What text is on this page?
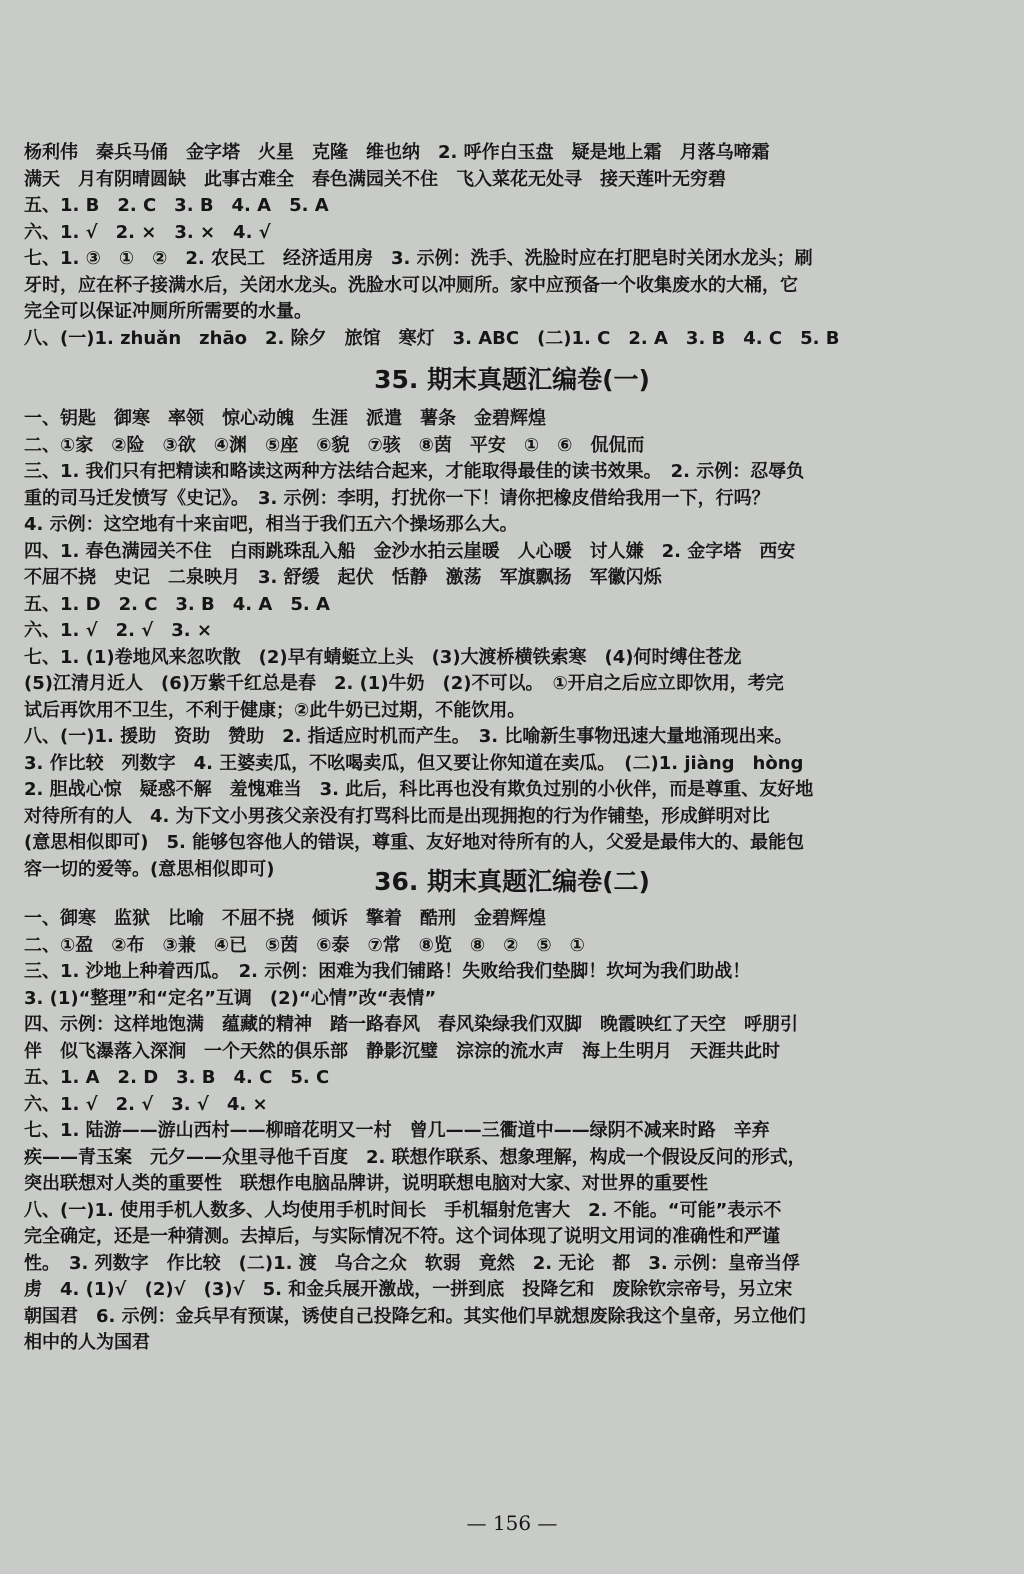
杨利伟　秦兵马俑　金字塔　火星　克隆　维也纳　2. 呼作白玉盘　疑是地上霜　月落乌啼霜
满天　月有阴晴圆缺　此事古难全　春色满园关不住　飞入菜花无处寻　接天莲叶无穷碧
五、1. B　2. C　3. B　4. A　5. A
六、1. √　2. ×　3. ×　4. √
七、1. ③　①　②　2. 农民工　经济适用房　3. 示例：洗手、洗脸时应在打肥皂时关闭水龙头；刷
牙时，应在杯子接满水后，关闭水龙头。洗脸水可以冲厕所。家中应预备一个收集废水的大桶，它
完全可以保证冲厕所所需要的水量。
八、(一)1. zhuǎn　zhāo　2. 除夕　旅馆　寒灯　3. ABC　(二)1. C　2. A　3. B　4. C　5. B
35. 期末真题汇编卷(一)
一、钥匙　御寒　率领　惊心动魄　生涯　派遣　薯条　金碧辉煌
二、①家　②险　③欲　④渊　⑤座　⑥貌　⑦骇　⑧茵　平安　①　⑥　侃侃而
三、1. 我们只有把精读和略读这两种方法结合起来，才能取得最佳的读书效果。　2. 示例：忍辱负
重的司马迁发愤写《史记》。　3. 示例：李明，打扰你一下！请你把橡皮借给我用一下，行吗？
4. 示例：这空地有十来亩吧，相当于我们五六个操场那么大。
四、1. 春色满园关不住　白雨跳珠乱入船　金沙水拍云崖暖　人心暖　讨人嫌　2. 金字塔　西安
不屈不挠　史记　二泉映月　3. 舒缓　起伏　恬静　激荡　军旗飘扬　军徽闪烁
五、1. D　2. C　3. B　4. A　5. A
六、1. √　2. √　3. ×
七、1. (1)卷地风来忽吹散　(2)早有蜻蜓立上头　(3)大渡桥横铁索寒　(4)何时缚住苍龙
(5)江清月近人　(6)万紫千红总是春　2. (1)牛奶　(2)不可以。　①开启之后应立即饮用，考完
试后再饮用不卫生，不利于健康；②此牛奶已过期，不能饮用。
八、(一)1. 援助　资助　赞助　2. 指适应时机而产生。　3. 比喻新生事物迅速大量地涌现出来。
3. 作比较　列数字　4. 王婆卖瓜，不吆喝卖瓜，但又要让你知道在卖瓜。　(二)1. jiàng　hòng
2. 胆战心惊　疑惑不解　羞愧难当　3. 此后，科比再也没有欺负过别的小伙伴，而是尊重、友好地
对待所有的人　4. 为下文小男孩父亲没有打骂科比而是出现拥抱的行为作铺垫，形成鲜明对比
(意思相似即可)　5. 能够包容他人的错误，尊重、友好地对待所有的人，父爱是最伟大的、最能包
容一切的爱等。(意思相似即可)	36. 期末真题汇编卷(二)
一、御寒　监狱　比喻　不屈不挠　倾诉　擎着　酷刑　金碧辉煌
二、①盈　②布　③兼　④已　⑤茵　⑥泰　⑦常　⑧览　⑧　②　⑤　①
三、1. 沙地上种着西瓜。　2. 示例：困难为我们铺路！失败给我们垫脚！坎坷为我们助战！
3. (1)“整理”和“定名”互调　(2)“心情”改“表情”
四、示例：这样地饱满　蕴藏的精神　踏一路春风　春风染绿我们双脚　晚霞映红了天空　呼朋引
伴　似飞瀑落入深涧　一个天然的俱乐部　静影沉璧　淙淙的流水声　海上生明月　天涯共此时
五、1. A　2. D　3. B　4. C　5. C
六、1. √　2. √　3. √　4. ×
七、1. 陆游——游山西村——柳暗花明又一村　曾几——三衢道中——绿阴不减来时路　辛弃
疾——青玉案　元夕——众里寻他千百度　2. 联想作联系、想象理解，构成一个假设反问的形式，
突出联想对人类的重要性　联想作电脑品牌讲，说明联想电脑对大家、对世界的重要性
八、(一)1. 使用手机人数多、人均使用手机时间长　手机辐射危害大　2. 不能。“可能”表示不
完全确定，还是一种猜测。去掉后，与实际情况不符。这个词体现了说明文用词的准确性和严谨
性。　3. 列数字　作比较　(二)1. 渡　乌合之众　软弱　竟然　2. 无论　都　3. 示例：皇帝当俘
虏　4. (1)√　(2)√　(3)√　5. 和金兵展开激战，一拼到底　投降乞和　废除钦宗帝号，另立宋
朝国君　6. 示例：金兵早有预谋，诱使自己投降乞和。其实他们早就想废除我这个皇帝，另立他们
相中的人为国君
— 156 —
